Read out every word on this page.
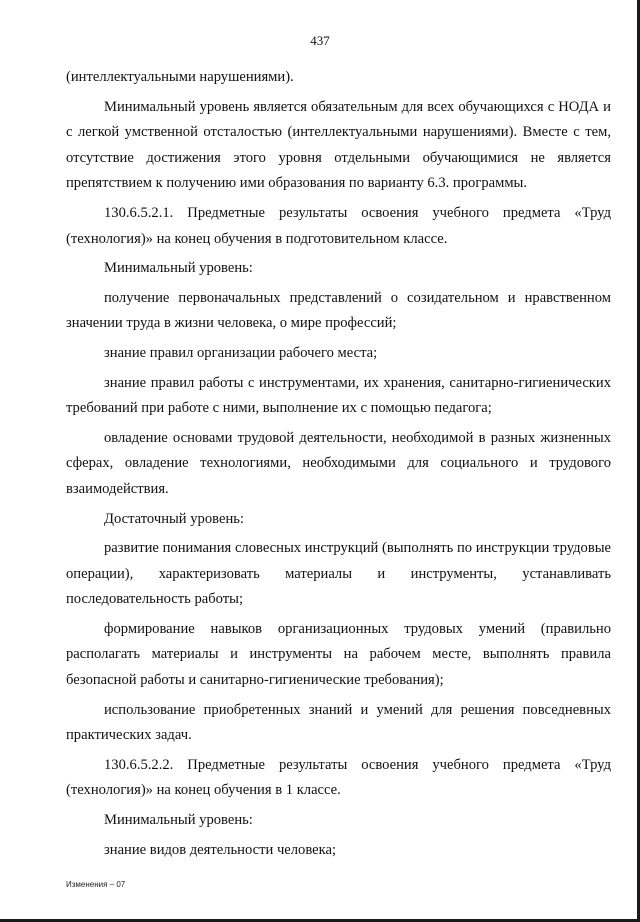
437

(интеллектуальными нарушениями).

Минимальный уровень является обязательным для всех обучающихся с НОДА и с легкой умственной отсталостью (интеллектуальными нарушениями). Вместе с тем, отсутствие достижения этого уровня отдельными обучающимися не является препятствием к получению ими образования по варианту 6.3. программы.

130.6.5.2.1. Предметные результаты освоения учебного предмета «Труд (технология)» на конец обучения в подготовительном классе.

Минимальный уровень:

получение первоначальных представлений о созидательном и нравственном значении труда в жизни человека, о мире профессий;

знание правил организации рабочего места;

знание правил работы с инструментами, их хранения, санитарно-гигиенических требований при работе с ними, выполнение их с помощью педагога;

овладение основами трудовой деятельности, необходимой в разных жизненных сферах, овладение технологиями, необходимыми для социального и трудового взаимодействия.

Достаточный уровень:

развитие понимания словесных инструкций (выполнять по инструкции трудовые операции), характеризовать материалы и инструменты, устанавливать последовательность работы;

формирование навыков организационных трудовых умений (правильно располагать материалы и инструменты на рабочем месте, выполнять правила безопасной работы и санитарно-гигиенические требования);

использование приобретенных знаний и умений для решения повседневных практических задач.

130.6.5.2.2. Предметные результаты освоения учебного предмета «Труд (технология)» на конец обучения в 1 классе.

Минимальный уровень:

знание видов деятельности человека;

Изменения – 07
